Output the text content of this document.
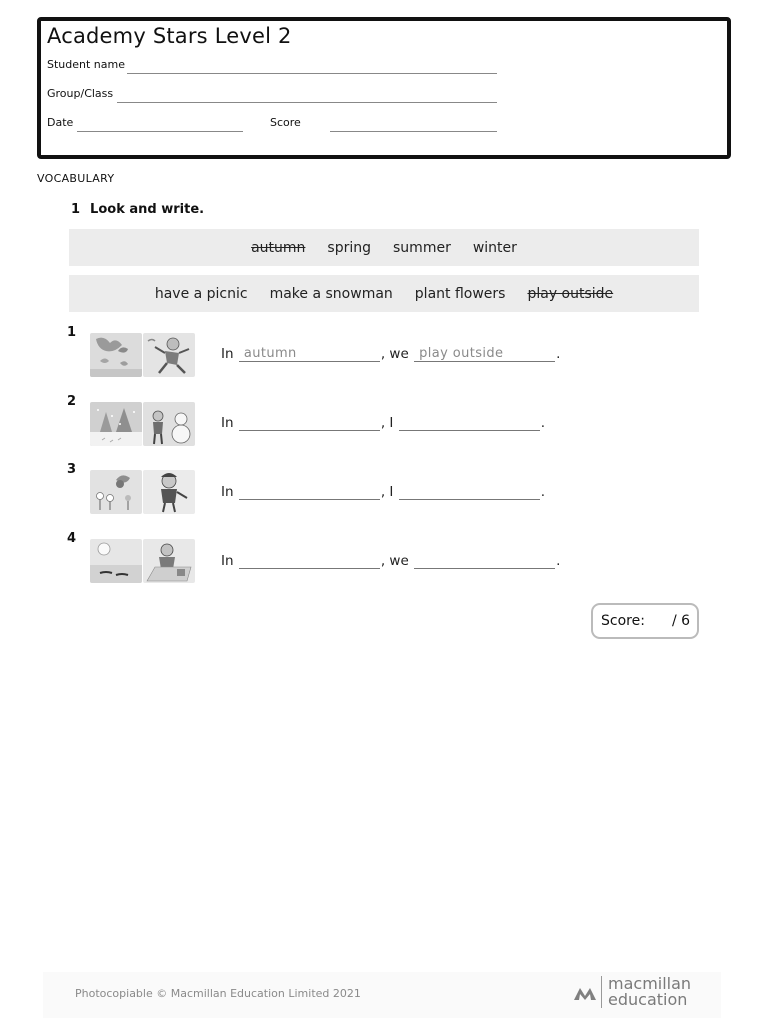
Academy Stars Level 2
Student name
Group/Class
Date	Score
VOCABULARY
1 Look and write.
autumn spring summer winter
have a picnic make a snowman plant flowers play outside
1
In
autumn	, we
play outside	.
2
In
	, I
	.
3
In
	, I
	.
4
In
	, we
	.
Score: / 6
Photocopiable © Macmillan Education Limited 2021
macmillan
education
